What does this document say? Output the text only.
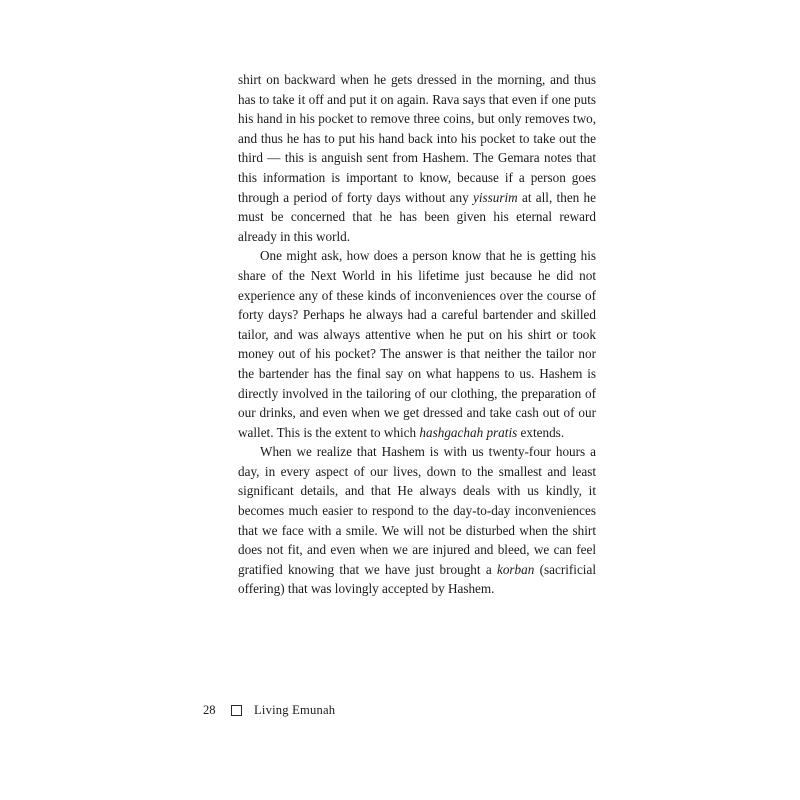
shirt on backward when he gets dressed in the morning, and thus has to take it off and put it on again. Rava says that even if one puts his hand in his pocket to remove three coins, but only removes two, and thus he has to put his hand back into his pocket to take out the third — this is anguish sent from Hashem. The Gemara notes that this information is important to know, because if a person goes through a period of forty days without any yissurim at all, then he must be concerned that he has been given his eternal reward already in this world.

One might ask, how does a person know that he is getting his share of the Next World in his lifetime just because he did not experience any of these kinds of inconveniences over the course of forty days? Perhaps he always had a careful bartender and skilled tailor, and was always attentive when he put on his shirt or took money out of his pocket? The answer is that neither the tailor nor the bartender has the final say on what happens to us. Hashem is directly involved in the tailoring of our clothing, the preparation of our drinks, and even when we get dressed and take cash out of our wallet. This is the extent to which hashgachah pratis extends.

When we realize that Hashem is with us twenty-four hours a day, in every aspect of our lives, down to the smallest and least significant details, and that He always deals with us kindly, it becomes much easier to respond to the day-to-day inconveniences that we face with a smile. We will not be disturbed when the shirt does not fit, and even when we are injured and bleed, we can feel gratified knowing that we have just brought a korban (sacrificial offering) that was lovingly accepted by Hashem.

28	Living Emunah
